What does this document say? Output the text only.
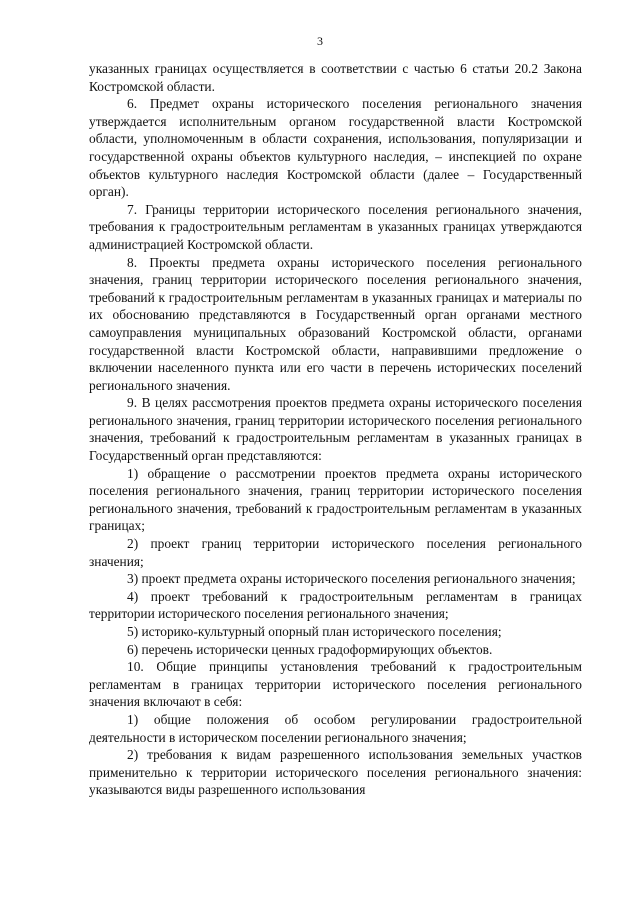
3

указанных границах осуществляется в соответствии с частью 6 статьи 20.2 Закона Костромской области.

6. Предмет охраны исторического поселения регионального значения утверждается исполнительным органом государственной власти Костромской области, уполномоченным в области сохранения, использования, популяризации и государственной охраны объектов культурного наследия, – инспекцией по охране объектов культурного наследия Костромской области (далее – Государственный орган).

7. Границы территории исторического поселения регионального значения, требования к градостроительным регламентам в указанных границах утверждаются администрацией Костромской области.

8. Проекты предмета охраны исторического поселения регионального значения, границ территории исторического поселения регионального значения, требований к градостроительным регламентам в указанных границах и материалы по их обоснованию представляются в Государственный орган органами местного самоуправления муниципальных образований Костромской области, органами государственной власти Костромской области, направившими предложение о включении населенного пункта или его части в перечень исторических поселений регионального значения.

9. В целях рассмотрения проектов предмета охраны исторического поселения регионального значения, границ территории исторического поселения регионального значения, требований к градостроительным регламентам в указанных границах в Государственный орган представляются:

1) обращение о рассмотрении проектов предмета охраны исторического поселения регионального значения, границ территории исторического поселения регионального значения, требований к градостроительным регламентам в указанных границах;

2) проект границ территории исторического поселения регионального значения;

3) проект предмета охраны исторического поселения регионального значения;

4) проект требований к градостроительным регламентам в границах территории исторического поселения регионального значения;

5) историко-культурный опорный план исторического поселения;

6) перечень исторически ценных градоформирующих объектов.

10. Общие принципы установления требований к градостроительным регламентам в границах территории исторического поселения регионального значения включают в себя:

1) общие положения об особом регулировании градостроительной деятельности в историческом поселении регионального значения;

2) требования к видам разрешенного использования земельных участков применительно к территории исторического поселения регионального значения: указываются виды разрешенного использования
